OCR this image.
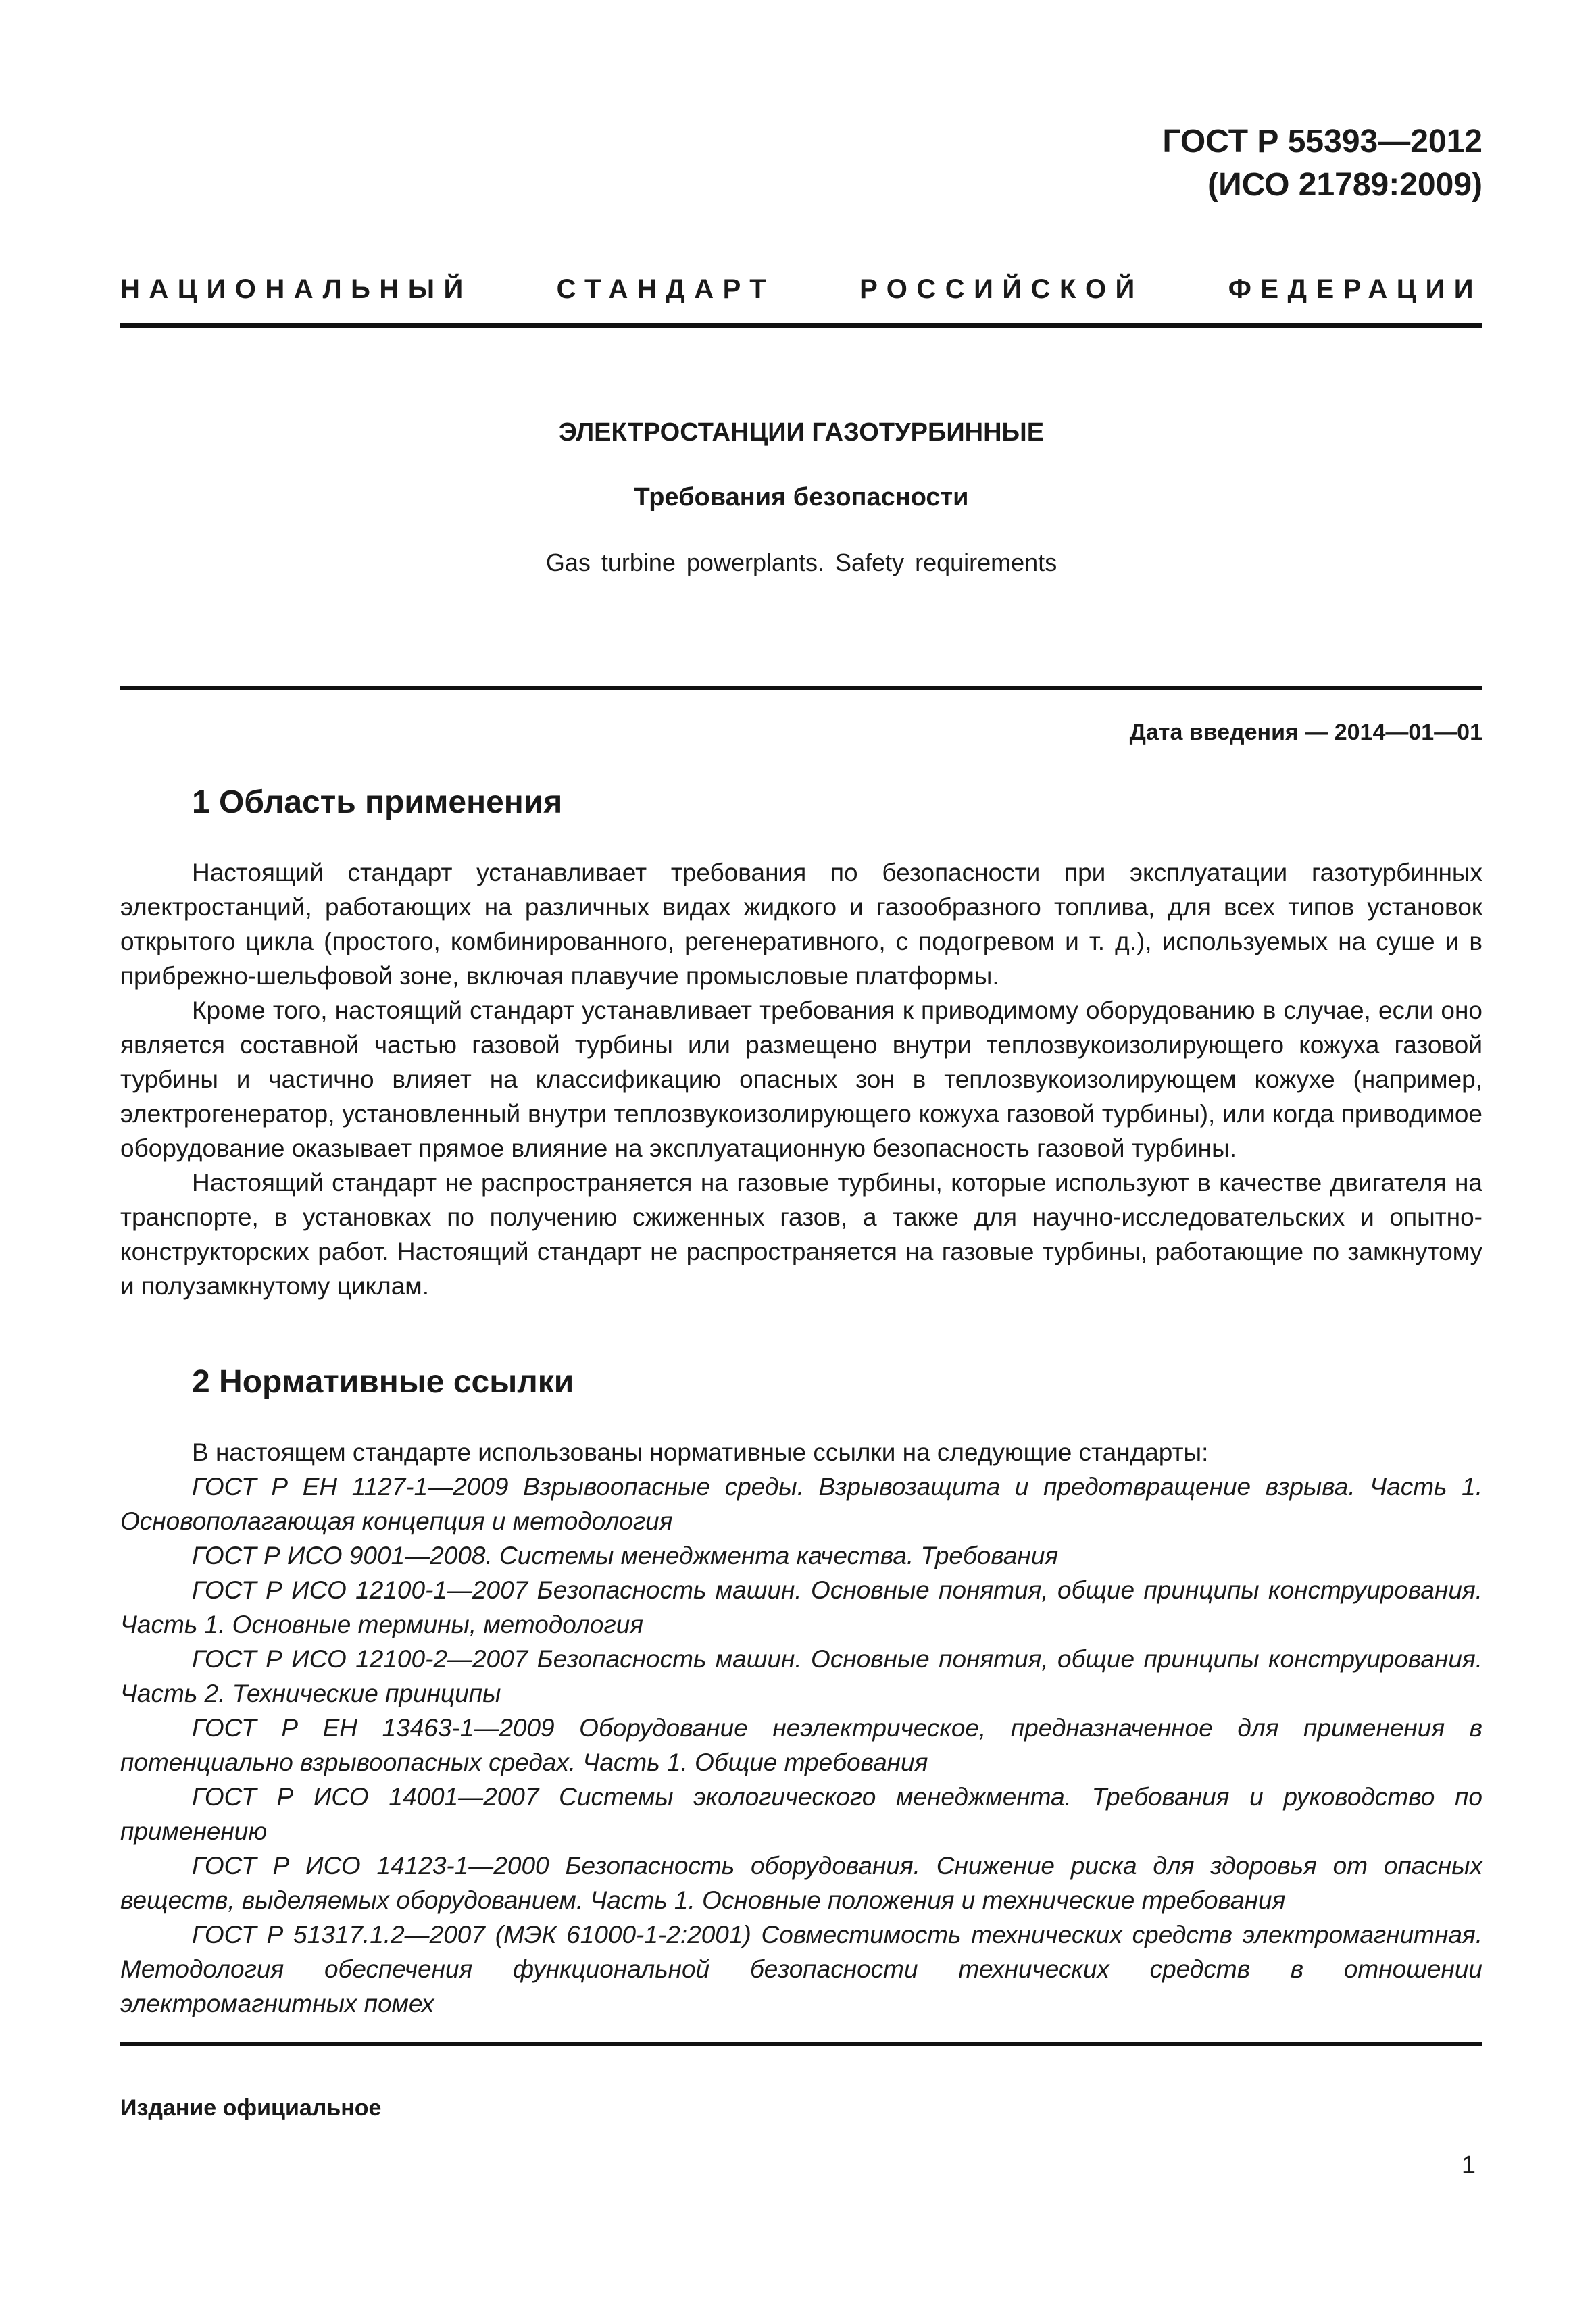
ГОСТ Р 55393—2012
(ИСО 21789:2009)
НАЦИОНАЛЬНЫЙ СТАНДАРТ РОССИЙСКОЙ ФЕДЕРАЦИИ
ЭЛЕКТРОСТАНЦИИ ГАЗОТУРБИННЫЕ
Требования безопасности
Gas turbine powerplants. Safety requirements
Дата введения — 2014—01—01
1 Область применения

Настоящий стандарт устанавливает требования по безопасности при эксплуатации газотурбинных электростанций, работающих на различных видах жидкого и газообразного топлива, для всех типов установок открытого цикла (простого, комбинированного, регенеративного, с подогревом и т. д.), используемых на суше и в прибрежно-шельфовой зоне, включая плавучие промысловые платформы.

Кроме того, настоящий стандарт устанавливает требования к приводимому оборудованию в случае, если оно является составной частью газовой турбины или размещено внутри теплозвукоизолирующего кожуха газовой турбины и частично влияет на классификацию опасных зон в теплозвукоизолирующем кожухе (например, электрогенератор, установленный внутри теплозвукоизолирующего кожуха газовой турбины), или когда приводимое оборудование оказывает прямое влияние на эксплуатационную безопасность газовой турбины.

Настоящий стандарт не распространяется на газовые турбины, которые используют в качестве двигателя на транспорте, в установках по получению сжиженных газов, а также для научно-исследовательских и опытно-конструкторских работ. Настоящий стандарт не распространяется на газовые турбины, работающие по замкнутому и полузамкнутому циклам.

2 Нормативные ссылки

В настоящем стандарте использованы нормативные ссылки на следующие стандарты:

ГОСТ Р ЕН 1127-1—2009 Взрывоопасные среды. Взрывозащита и предотвращение взрыва. Часть 1. Основополагающая концепция и методология

ГОСТ Р ИСО 9001—2008. Системы менеджмента качества. Требования

ГОСТ Р ИСО 12100-1—2007 Безопасность машин. Основные понятия, общие принципы конструирования. Часть 1. Основные термины, методология

ГОСТ Р ИСО 12100-2—2007 Безопасность машин. Основные понятия, общие принципы конструирования. Часть 2. Технические принципы

ГОСТ Р ЕН 13463-1—2009 Оборудование неэлектрическое, предназначенное для применения в потенциально взрывоопасных средах. Часть 1. Общие требования

ГОСТ Р ИСО 14001—2007 Системы экологического менеджмента. Требования и руководство по применению

ГОСТ Р ИСО 14123-1—2000 Безопасность оборудования. Снижение риска для здоровья от опасных веществ, выделяемых оборудованием. Часть 1. Основные положения и технические требования

ГОСТ Р 51317.1.2—2007 (МЭК 61000-1-2:2001) Совместимость технических средств электромагнитная. Методология обеспечения функциональной безопасности технических средств в отношении электромагнитных помех

Издание официальное
1
